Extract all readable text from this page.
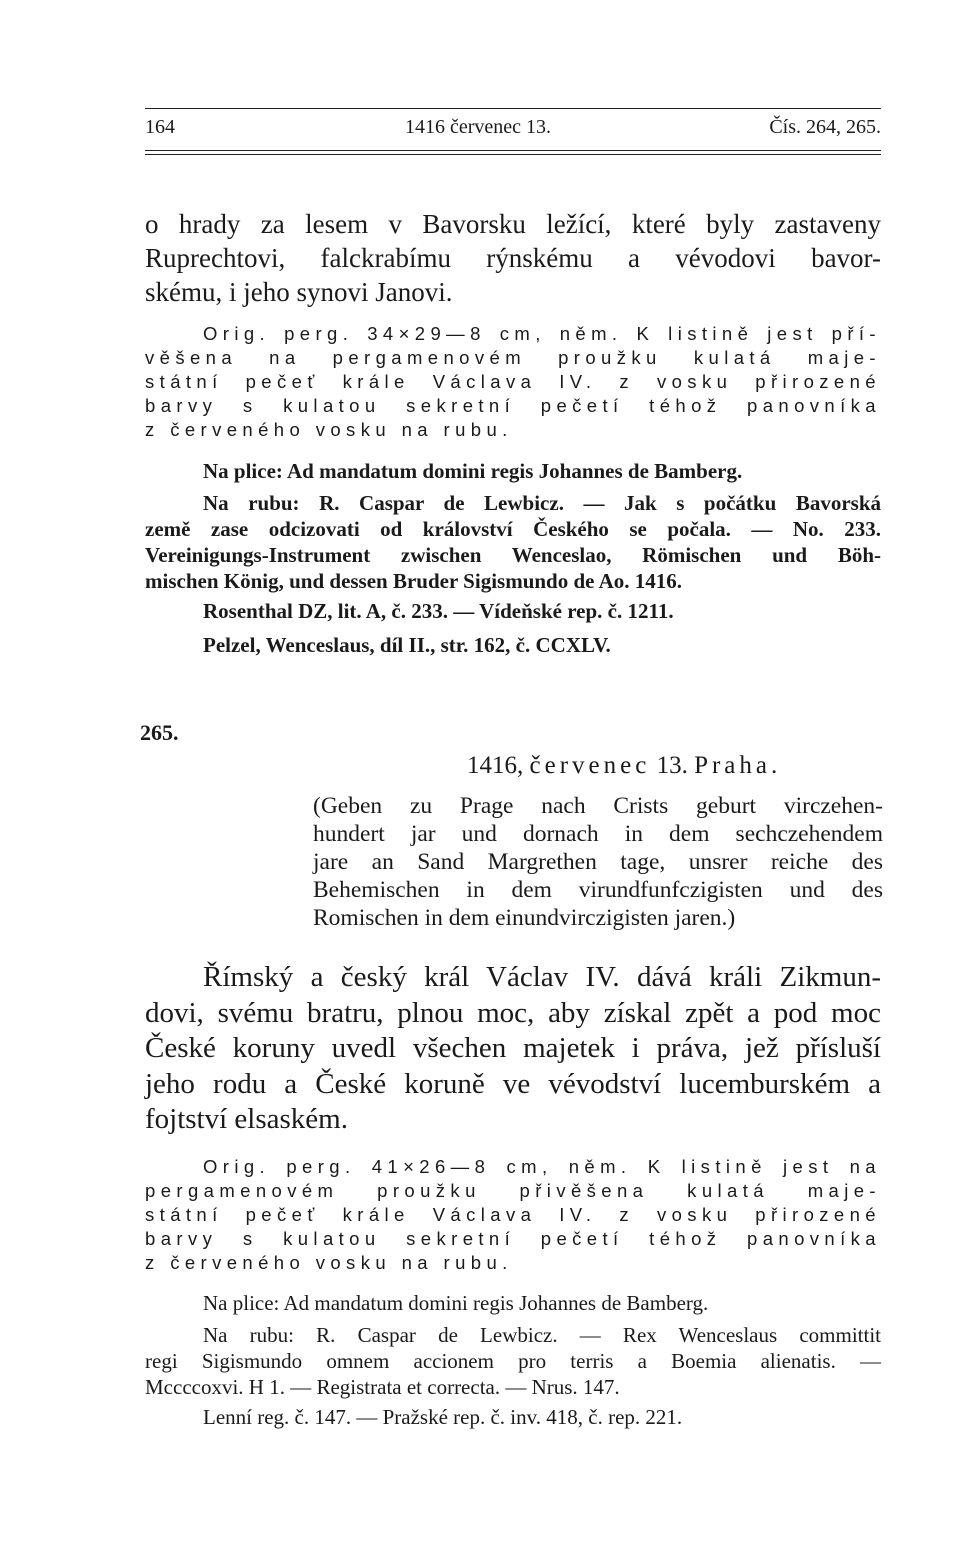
164	1416 červenec 13.	Čís. 264, 265.
o hrady za lesem v Bavorsku ležící, které byly zastaveny
Ruprechtovi, falckrabímu rýnskému a vévodovi bavor-
skému, i jeho synovi Janovi.
Orig. perg. 34×29—8 cm, něm. K listině jest pří-
věšena na pergamenovém proužku kulatá maje-
státní pečeť krále Václava IV. z vosku přirozené
barvy s kulatou sekretní pečetí téhož panovníka
z červeného vosku na rubu.
Na plice: Ad mandatum domini regis Johannes de Bamberg.
Na rubu: R. Caspar de Lewbicz. — Jak s počátku Bavorská
země zase odcizovati od království Českého se počala. — No. 233.
Vereinigungs-Instrument zwischen Wenceslao, Römischen und Böh-
mischen König, und dessen Bruder Sigismundo de Ao. 1416.
Rosenthal DZ, lit. A, č. 233. — Vídeňské rep. č. 1211.
Pelzel, Wenceslaus, díl II., str. 162, č. CCXLV.
265.
1416, červenec 13. Praha.
(Geben zu Prage nach Crists geburt virczehen-
hundert jar und dornach in dem sechczehendem
jare an Sand Margrethen tage, unsrer reiche des
Behemischen in dem virundfunfczigisten und des
Romischen in dem einundvirczigisten jaren.)
Římský a český král Václav IV. dává králi Zikmun-
dovi, svému bratru, plnou moc, aby získal zpět a pod moc
České koruny uvedl všechen majetek i práva, jež přísluší
jeho rodu a České koruně ve vévodství lucemburském a
fojtství elsaském.
Orig. perg. 41×26—8 cm, něm. K listině jest na
pergamenovém proužku přivěšena kulatá maje-
státní pečeť krále Václava IV. z vosku přirozené
barvy s kulatou sekretní pečetí téhož panovníka
z červeného vosku na rubu.
Na plice: Ad mandatum domini regis Johannes de Bamberg.
Na rubu: R. Caspar de Lewbicz. — Rex Wenceslaus committit
regi Sigismundo omnem accionem pro terris a Boemia alienatis. —
Mccccoxvi. H 1. — Registrata et correcta. — Nrus. 147.
Lenní reg. č. 147. — Pražské rep. č. inv. 418, č. rep. 221.
